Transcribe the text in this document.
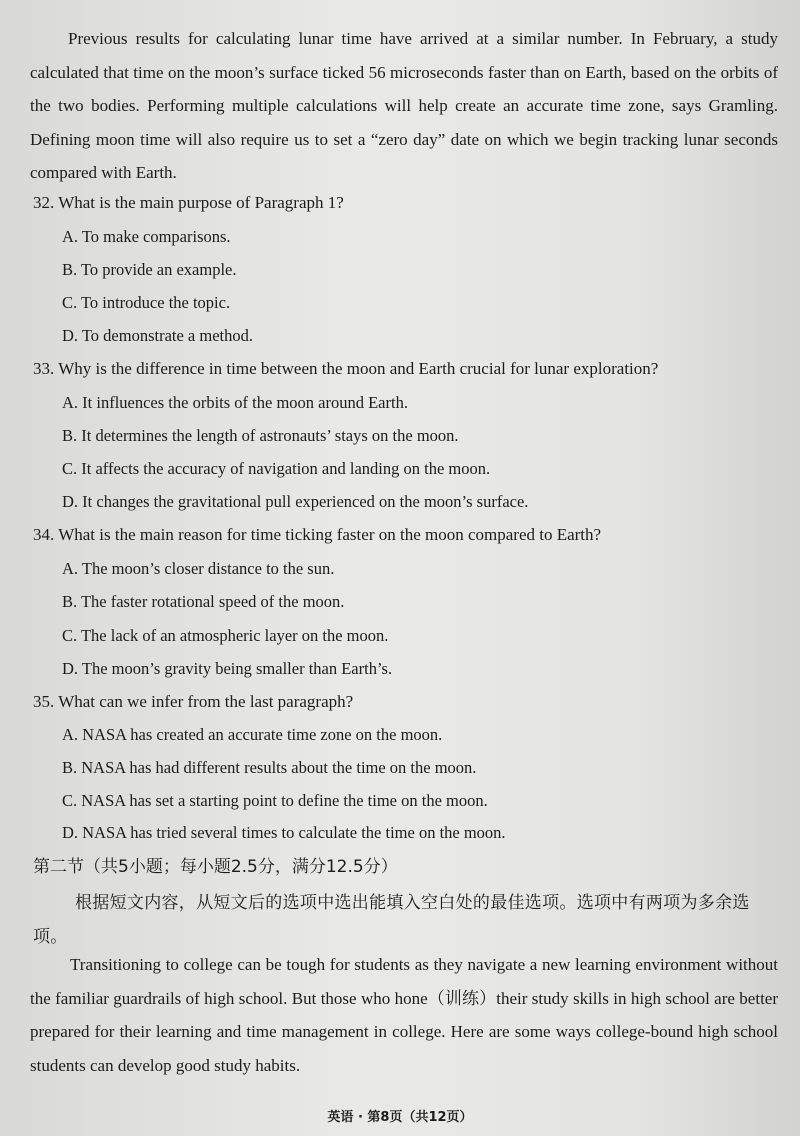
Previous results for calculating lunar time have arrived at a similar number. In February, a study calculated that time on the moon’s surface ticked 56 microseconds faster than on Earth, based on the orbits of the two bodies. Performing multiple calculations will help create an accurate time zone, says Gramling. Defining moon time will also require us to set a “zero day” date on which we begin tracking lunar seconds compared with Earth.

32. What is the main purpose of Paragraph 1?
A. To make comparisons.
B. To provide an example.
C. To introduce the topic.
D. To demonstrate a method.
33. Why is the difference in time between the moon and Earth crucial for lunar exploration?
A. It influences the orbits of the moon around Earth.
B. It determines the length of astronauts’ stays on the moon.
C. It affects the accuracy of navigation and landing on the moon.
D. It changes the gravitational pull experienced on the moon’s surface.
34. What is the main reason for time ticking faster on the moon compared to Earth?
A. The moon’s closer distance to the sun.
B. The faster rotational speed of the moon.
C. The lack of an atmospheric layer on the moon.
D. The moon’s gravity being smaller than Earth’s.
35. What can we infer from the last paragraph?
A. NASA has created an accurate time zone on the moon.
B. NASA has had different results about the time on the moon.
C. NASA has set a starting point to define the time on the moon.
D. NASA has tried several times to calculate the time on the moon.
第二节（共5小题；每小题2.5分，满分12.5分）
根据短文内容，从短文后的选项中选出能填入空白处的最佳选项。选项中有两项为多余选项。

Transitioning to college can be tough for students as they navigate a new learning environment without the familiar guardrails of high school. But those who hone（训练）their study skills in high school are better prepared for their learning and time management in college. Here are some ways college-bound high school students can develop good study habits.

英语 · 第8页（共12页）
